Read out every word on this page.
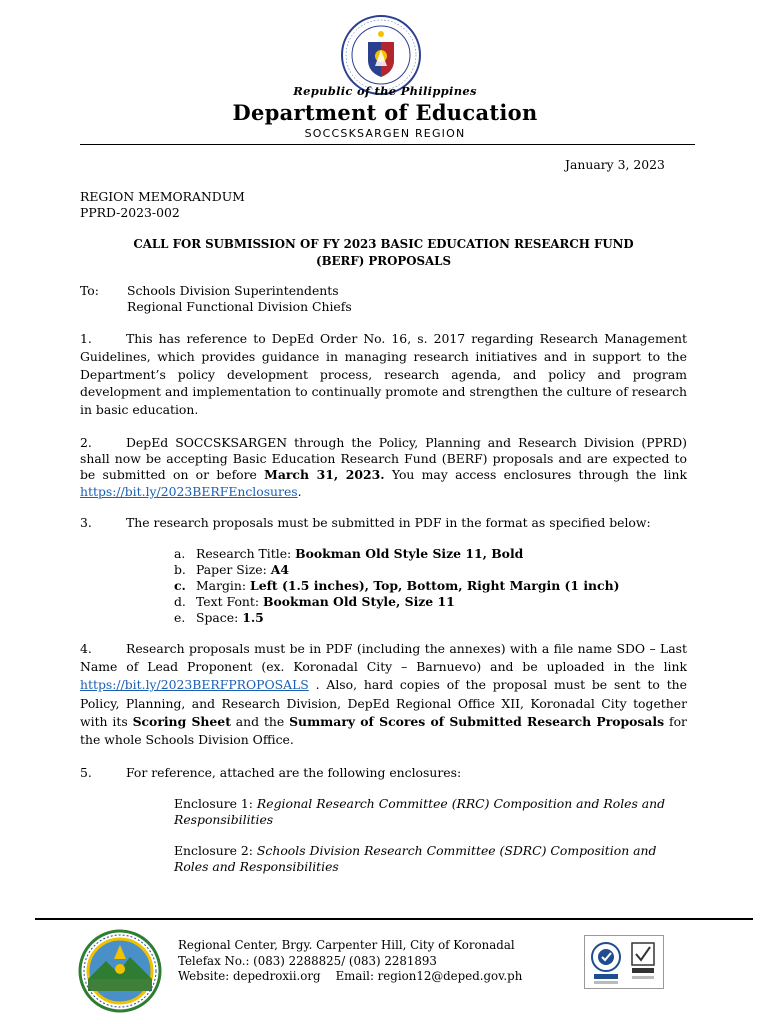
Republic of the Philippines
Department of Education
SOCCSKSARGEN REGION
January 3, 2023
REGION MEMORANDUM
PPRD-2023-002
CALL FOR SUBMISSION OF FY 2023 BASIC EDUCATION RESEARCH FUND
(BERF) PROPOSALS
To: Schools Division Superintendents
Regional Functional Division Chiefs
1.	This has reference to DepEd Order No. 16, s. 2017 regarding Research Management Guidelines, which provides guidance in managing research initiatives and in support to the Department’s policy development process, research agenda, and policy and program development and implementation to continually promote and strengthen the culture of research in basic education.
2.	DepEd SOCCSKSARGEN through the Policy, Planning and Research Division (PPRD) shall now be accepting Basic Education Research Fund (BERF) proposals and are expected to be submitted on or before March 31, 2023. You may access enclosures through the link https://bit.ly/2023BERFEnclosures.
3.	The research proposals must be submitted in PDF in the format as specified below:
a. Research Title: Bookman Old Style Size 11, Bold
b. Paper Size: A4
c. Margin: Left (1.5 inches), Top, Bottom, Right Margin (1 inch)
d. Text Font: Bookman Old Style, Size 11
e. Space: 1.5
4.	Research proposals must be in PDF (including the annexes) with a file name SDO – Last Name of Lead Proponent (ex. Koronadal City – Barnuevo) and be uploaded in the link https://bit.ly/2023BERFPROPOSALS . Also, hard copies of the proposal must be sent to the Policy, Planning, and Research Division, DepEd Regional Office XII, Koronadal City together with its Scoring Sheet and the Summary of Scores of Submitted Research Proposals for the whole Schools Division Office.
5.	For reference, attached are the following enclosures:
Enclosure 1: Regional Research Committee (RRC) Composition and Roles and Responsibilities
Enclosure 2: Schools Division Research Committee (SDRC) Composition and Roles and Responsibilities
Regional Center, Brgy. Carpenter Hill, City of Koronadal
Telefax No.: (083) 2288825/ (083) 2281893
Website: depedroxii.org    Email: region12@deped.gov.ph
